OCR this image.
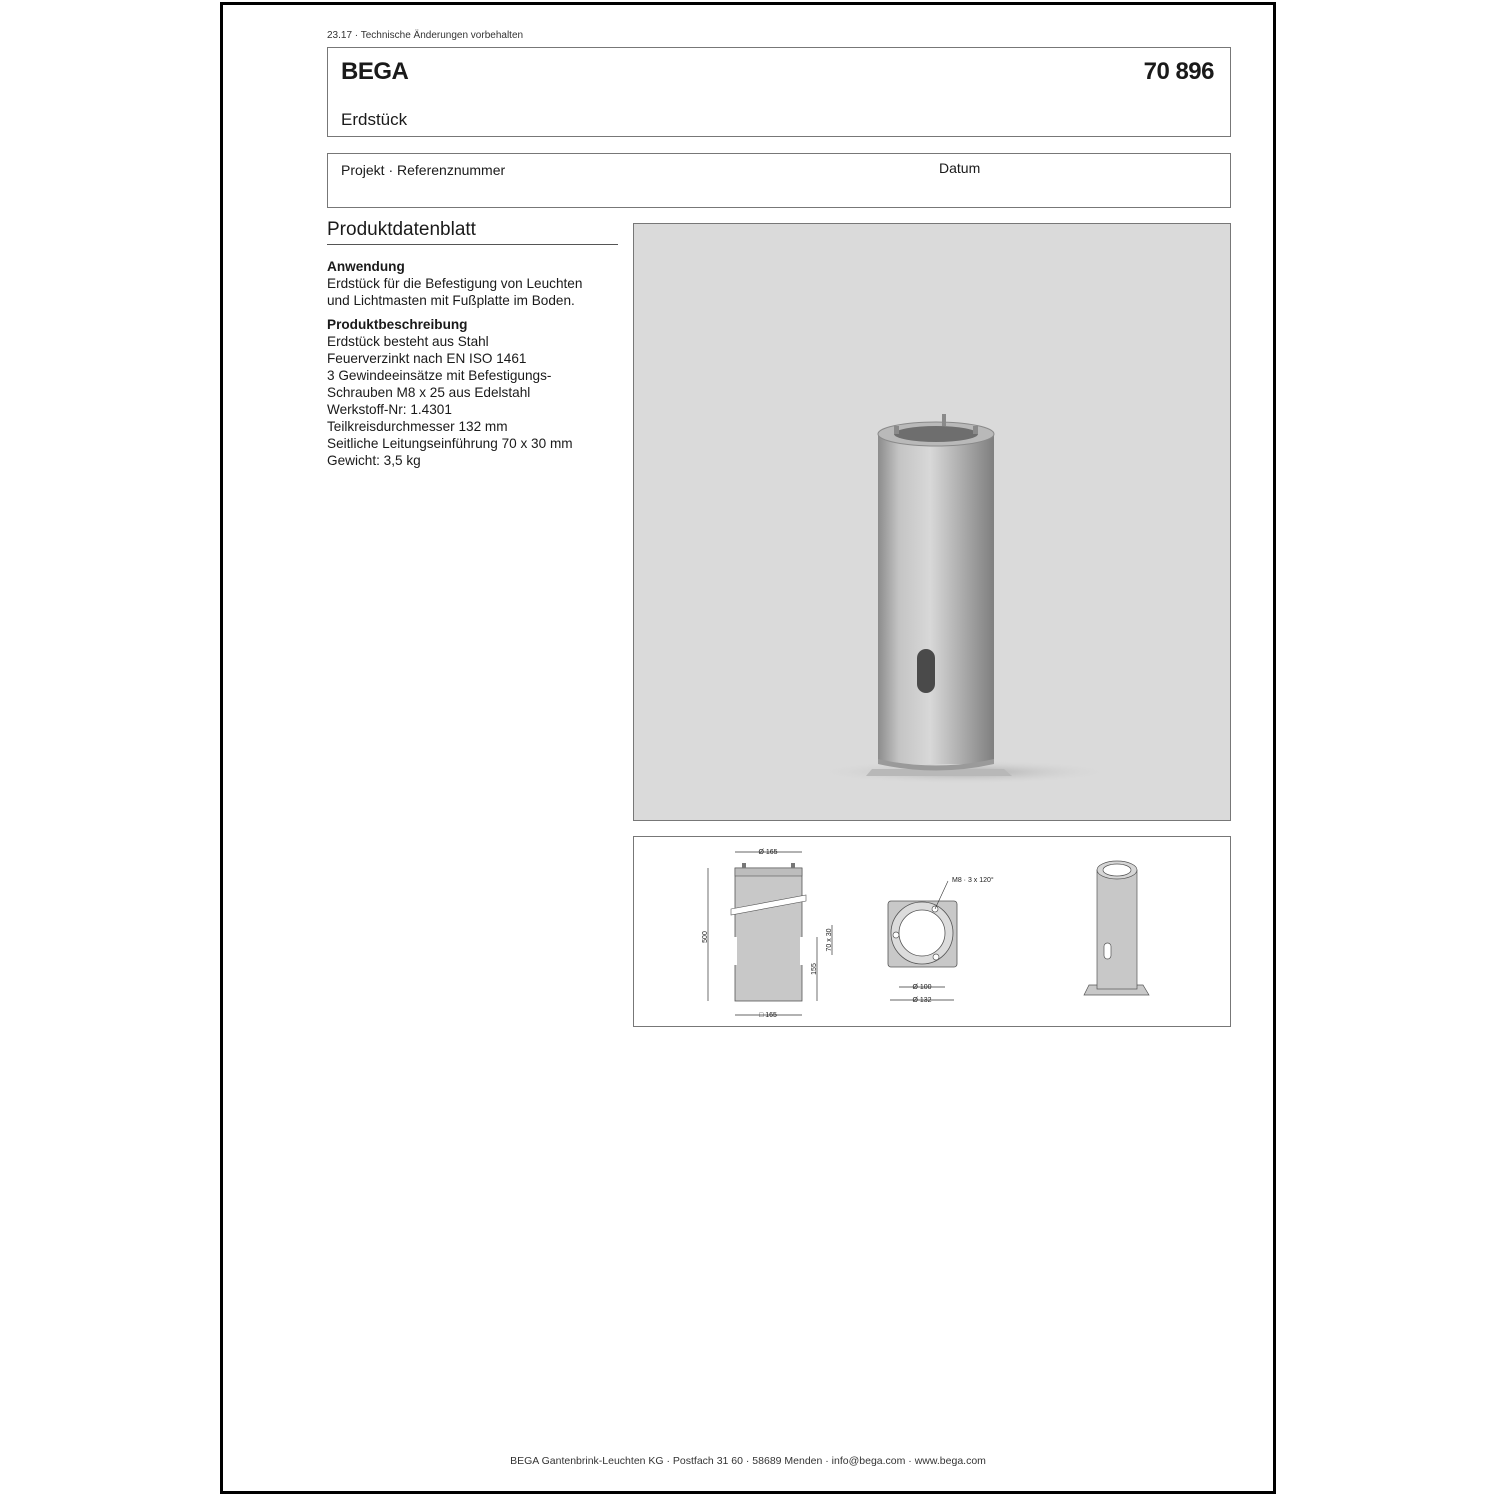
23.17 · Technische Änderungen vorbehalten
BEGA	70 896
Erdstück
Projekt · Referenznummer	Datum
Produktdatenblatt
Anwendung

Erdstück für die Befestigung von Leuchten

und Lichtmasten mit Fußplatte im Boden.

Produktbeschreibung

Erdstück besteht aus Stahl

Feuerverzinkt nach EN ISO 1461

3 Gewindeeinsätze mit Befestigungs-

Schrauben M8 x 25 aus Edelstahl

Werkstoff-Nr: 1.4301

Teilkreisdurchmesser 132 mm

Seitliche Leitungseinführung 70 x 30 mm

Gewicht: 3,5 kg

Ø 165
500
155
70 x 30
□ 165
M8 · 3 x 120°
Ø 100
Ø 132
BEGA Gantenbrink-Leuchten KG · Postfach 31 60 · 58689 Menden · info@bega.com · www.bega.com
